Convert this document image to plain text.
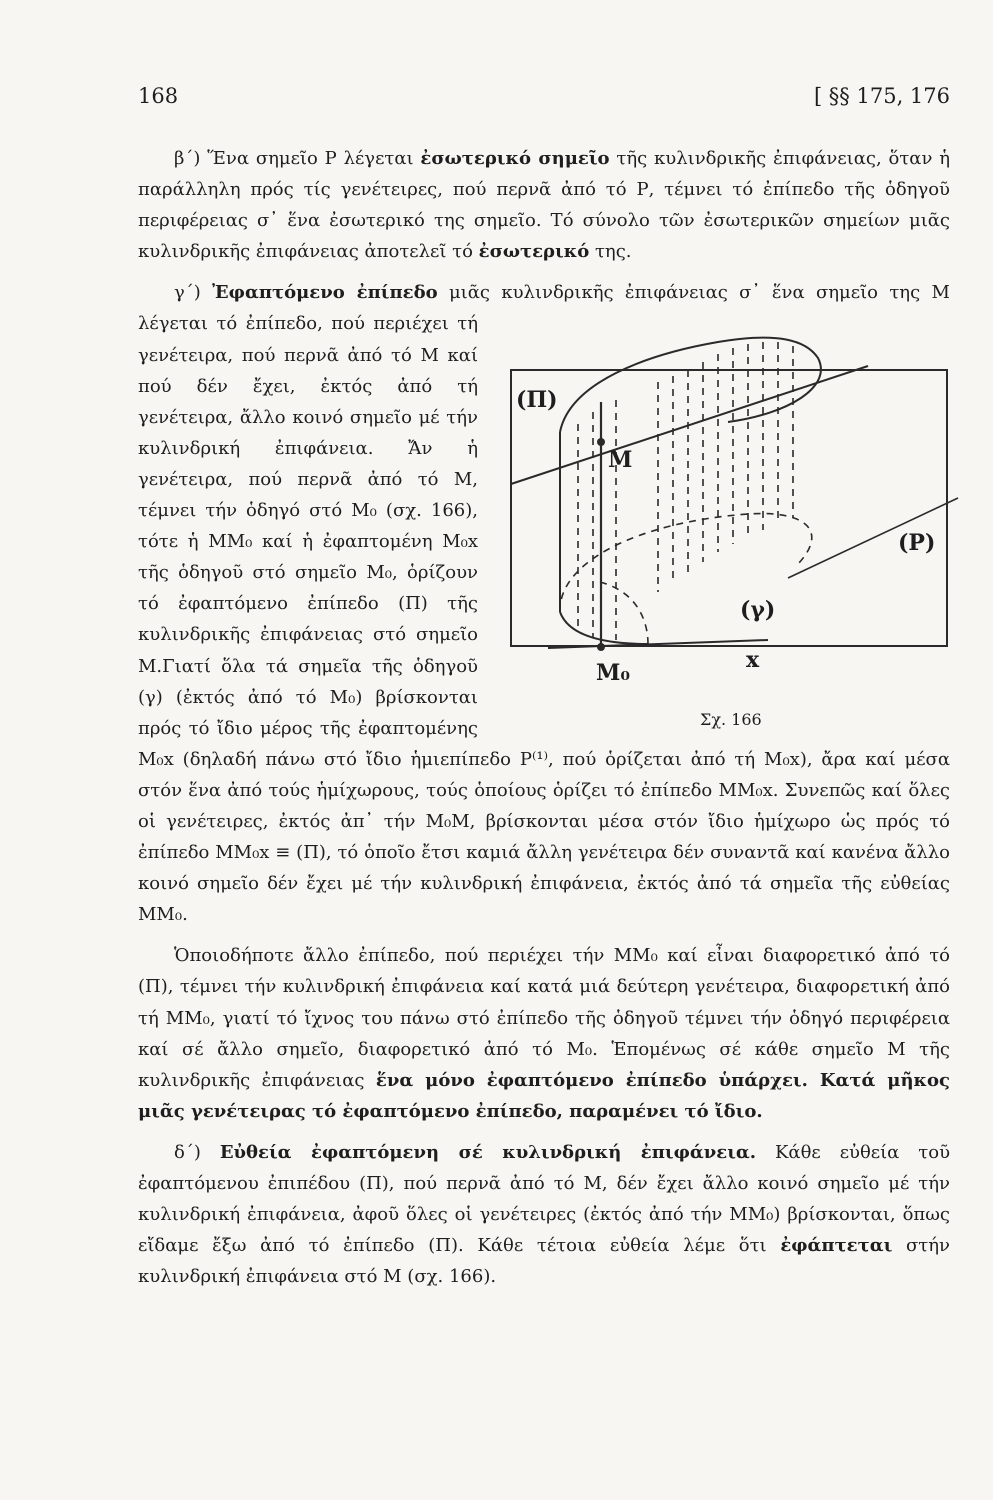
168	[ §§ 175, 176

β΄) Ἕνα σημεῖο Ρ λέγεται ἐσωτερικό σημεῖο τῆς κυλινδρικῆς ἐπιφάνειας, ὅταν ἡ παράλληλη πρός τίς γενέτειρες, πού περνᾶ ἀπό τό Ρ, τέμνει τό ἐπίπεδο τῆς ὁδηγοῦ περιφέρειας σ᾽ ἕνα ἐσωτερικό της σημεῖο. Τό σύνολο τῶν ἐσωτερικῶν σημείων μιᾶς κυλινδρικῆς ἐπιφάνειας ἀποτελεῖ τό ἐσωτερικό της.

γ΄) Ἐφαπτόμενο ἐπίπεδο
(Π)
Μ
Μ₀	x
(γ)
(Ρ)
Σχ. 166
μιᾶς κυλινδρικῆς ἐπιφάνειας σ᾽ ἕνα σημεῖο της Μ λέγεται τό ἐπίπεδο, πού περιέχει τή γενέτειρα, πού περνᾶ ἀπό τό Μ καί πού δέν ἔχει, ἐκτός ἀπό τή γενέτειρα, ἄλλο κοινό σημεῖο μέ τήν κυλινδρική ἐπιφάνεια. Ἄν ἡ γενέτειρα, πού περνᾶ ἀπό τό Μ, τέμνει τήν ὁδηγό στό Μ₀ (σχ. 166), τότε ἡ ΜΜ₀ καί ἡ ἐφαπτομένη Μ₀x τῆς ὁδηγοῦ στό σημεῖο Μ₀, ὁρίζουν τό ἐφαπτόμενο ἐπίπεδο (Π) τῆς κυλινδρικῆς ἐπιφάνειας στό σημεῖο Μ.Γιατί ὅλα τά σημεῖα τῆς ὁδηγοῦ (γ) (ἐκτός ἀπό τό Μ₀) βρίσκονται πρός τό ἴδιο μέρος τῆς ἐφαπτομένης Μ₀x (δηλαδή πάνω στό ἴδιο ἡμιεπίπεδο Ρ⁽¹⁾, πού ὁρίζεται ἀπό τή Μ₀x), ἄρα καί μέσα στόν ἕνα ἀπό τούς ἡμίχωρους, τούς ὁποίους ὁρίζει τό ἐπίπεδο ΜΜ₀x. Συνεπῶς καί ὅλες οἱ γενέτειρες, ἐκτός ἀπ᾽ τήν Μ₀Μ, βρίσκονται μέσα στόν ἴδιο ἡμίχωρο ὡς πρός τό ἐπίπεδο ΜΜ₀x ≡ (Π), τό ὁποῖο ἔτσι καμιά ἄλλη γενέτειρα δέν συναντᾶ καί κανένα ἄλλο κοινό σημεῖο δέν ἔχει μέ τήν κυλινδρική ἐπιφάνεια, ἐκτός ἀπό τά σημεῖα τῆς εὐθείας ΜΜ₀.

Ὁποιοδήποτε ἄλλο ἐπίπεδο, πού περιέχει τήν ΜΜ₀ καί εἶναι διαφορετικό ἀπό τό (Π), τέμνει τήν κυλινδρική ἐπιφάνεια καί κατά μιά δεύτερη γενέτειρα, διαφορετική ἀπό τή ΜΜ₀, γιατί τό ἴχνος του πάνω στό ἐπίπεδο τῆς ὁδηγοῦ τέμνει τήν ὁδηγό περιφέρεια καί σέ ἄλλο σημεῖο, διαφορετικό ἀπό τό Μ₀. Ἑπομένως σέ κάθε σημεῖο Μ τῆς κυλινδρικῆς ἐπιφάνειας ἕνα μόνο ἐφαπτόμενο ἐπίπεδο ὑπάρχει. Κατά μῆκος μιᾶς γενέτειρας τό ἐφαπτόμενο ἐπίπεδο, παραμένει τό ἴδιο.

δ΄) Εὐθεία ἐφαπτόμενη σέ κυλινδρική ἐπιφάνεια. Κάθε εὐθεία τοῦ ἐφαπτόμενου ἐπιπέδου (Π), πού περνᾶ ἀπό τό Μ, δέν ἔχει ἄλλο κοινό σημεῖο μέ τήν κυλινδρική ἐπιφάνεια, ἀφοῦ ὅλες οἱ γενέτειρες (ἐκτός ἀπό τήν ΜΜ₀) βρίσκονται, ὅπως εἴδαμε ἔξω ἀπό τό ἐπίπεδο (Π). Κάθε τέτοια εὐθεία λέμε ὅτι ἐφάπτεται στήν κυλινδρική ἐπιφάνεια στό Μ (σχ. 166).
